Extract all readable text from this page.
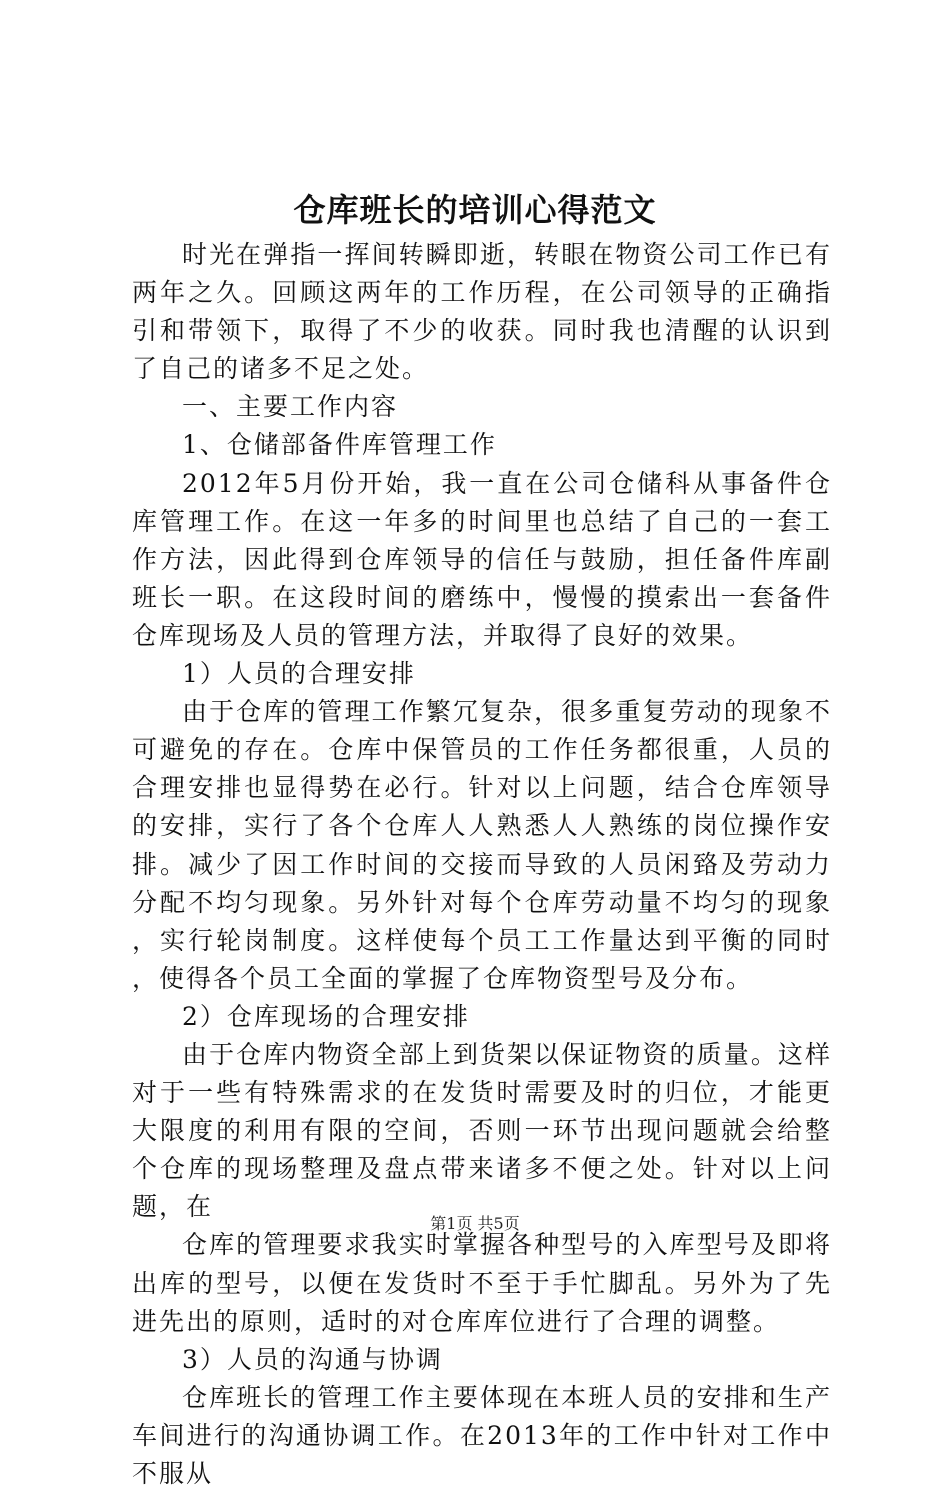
仓库班长的培训心得范文

时光在弹指一挥间转瞬即逝，转眼在物资公司工作已有两年之久。回顾这两年的工作历程，在公司领导的正确指引和带领下，取得了不少的收获。同时我也清醒的认识到了自己的诸多不足之处。

一、主要工作内容

1、仓储部备件库管理工作

2012年5月份开始，我一直在公司仓储科从事备件仓库管理工作。在这一年多的时间里也总结了自己的一套工作方法，因此得到仓库领导的信任与鼓励，担任备件库副班长一职。在这段时间的磨练中，慢慢的摸索出一套备件仓库现场及人员的管理方法，并取得了良好的效果。

1）人员的合理安排

由于仓库的管理工作繁冗复杂，很多重复劳动的现象不可避免的存在。仓库中保管员的工作任务都很重，人员的合理安排也显得势在必行。针对以上问题，结合仓库领导的安排，实行了各个仓库人人熟悉人人熟练的岗位操作安排。减少了因工作时间的交接而导致的人员闲臵及劳动力分配不均匀现象。另外针对每个仓库劳动量不均匀的现象，实行轮岗制度。这样使每个员工工作量达到平衡的同时，使得各个员工全面的掌握了仓库物资型号及分布。

2）仓库现场的合理安排

由于仓库内物资全部上到货架以保证物资的质量。这样对于一些有特殊需求的在发货时需要及时的归位，才能更大限度的利用有限的空间，否则一环节出现问题就会给整个仓库的现场整理及盘点带来诸多不便之处。针对以上问题，在

仓库的管理要求我实时掌握各种型号的入库型号及即将出库的型号，以便在发货时不至于手忙脚乱。另外为了先进先出的原则，适时的对仓库库位进行了合理的调整。

3）人员的沟通与协调

仓库班长的管理工作主要体现在本班人员的安排和生产车间进行的沟通协调工作。在2013年的工作中针对工作中不服从

第1页 共5页
